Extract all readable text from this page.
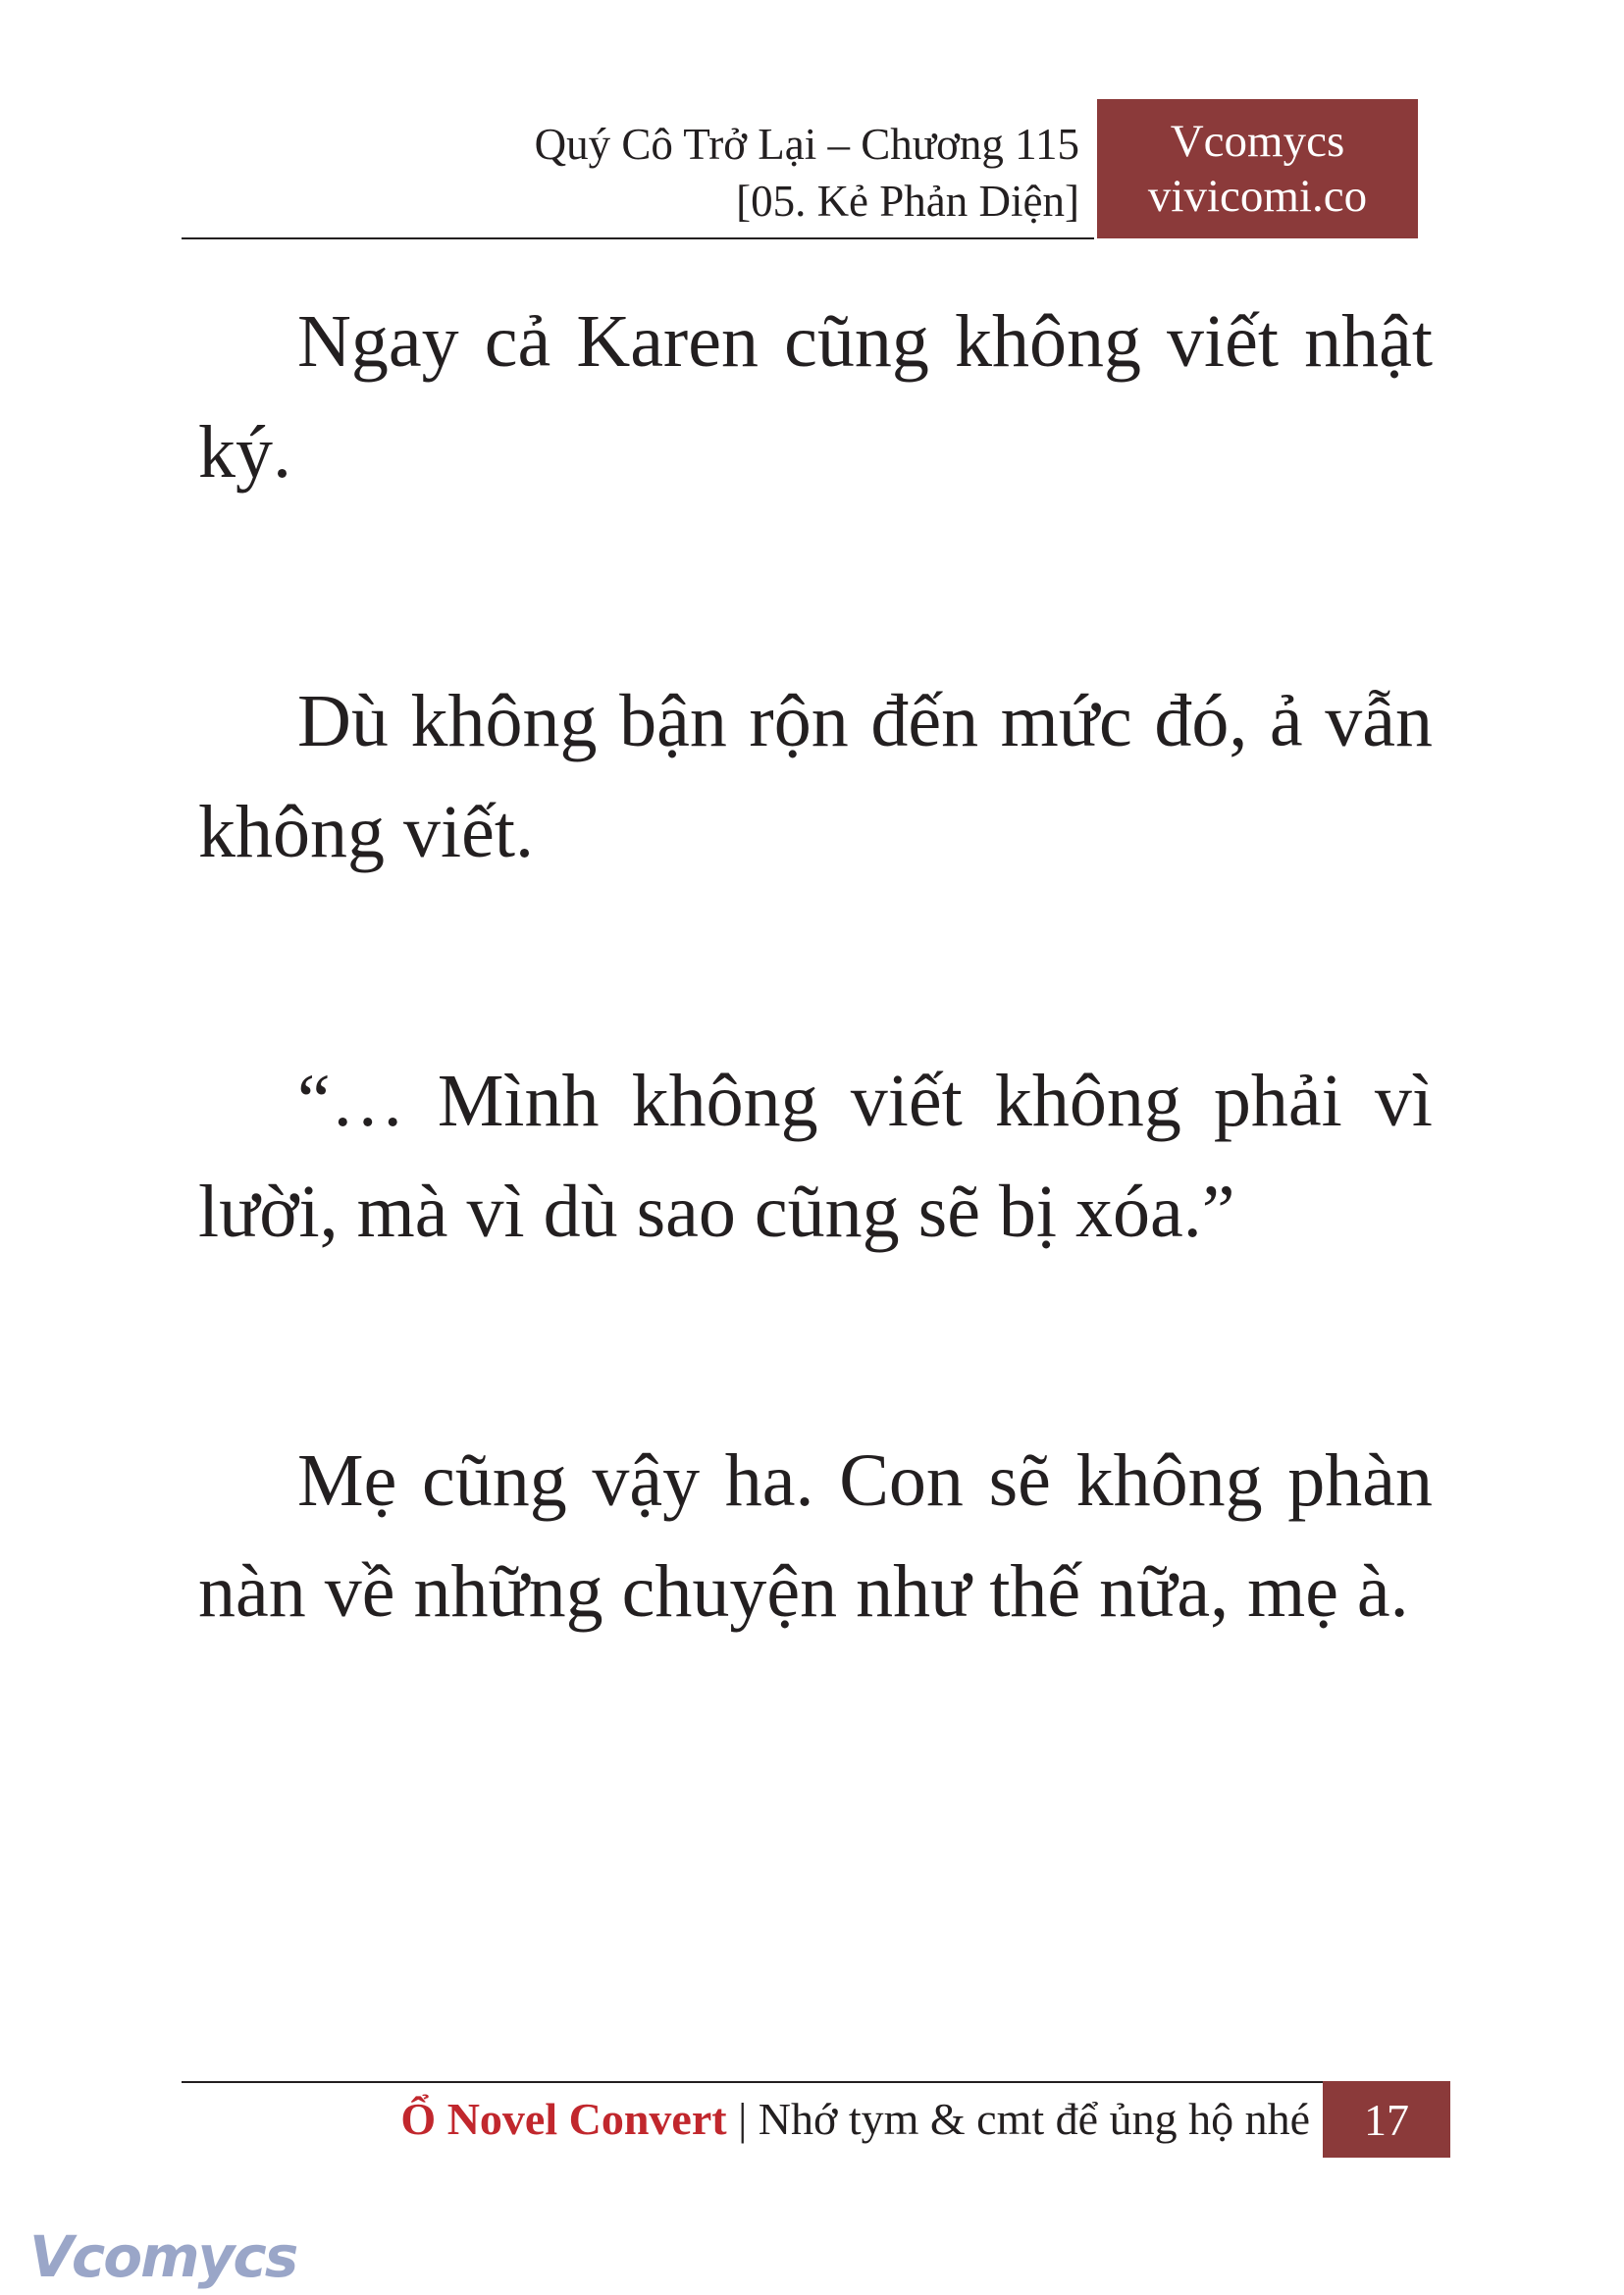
Quý Cô Trở Lại – Chương 115
[05. Kẻ Phản Diện]
Vcomycs
vivicomi.co

Ngay cả Karen cũng không viết nhật ký.

Dù không bận rộn đến mức đó, ả vẫn không viết.

“… Mình không viết không phải vì lười, mà vì dù sao cũng sẽ bị xóa.”

Mẹ cũng vậy ha. Con sẽ không phàn nàn về những chuyện như thế nữa, mẹ à.

Ổ Novel Convert | Nhớ tym & cmt để ủng hộ nhé	17
Vcomycs
